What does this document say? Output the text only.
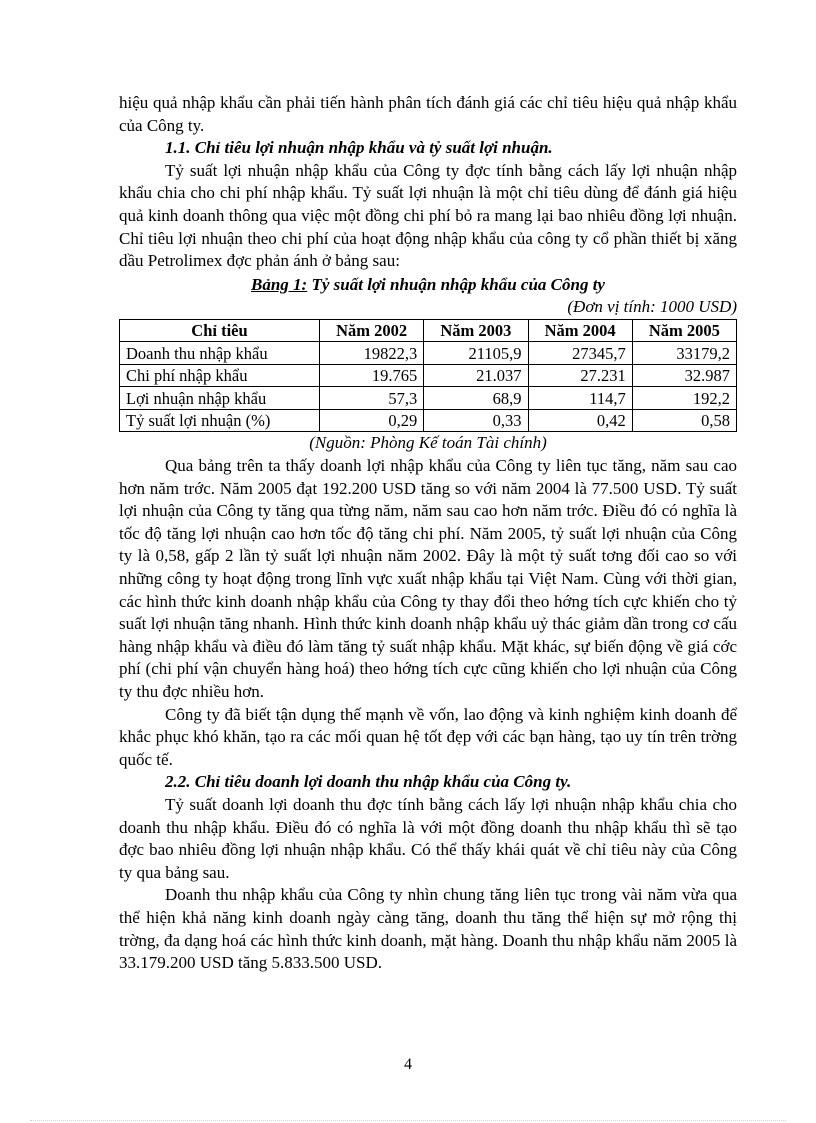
hiệu quả nhập khẩu cần phải tiến hành phân tích đánh giá các chỉ tiêu hiệu quả nhập khẩu của Công ty.

1.1. Chỉ tiêu lợi nhuận nhập khẩu và tỷ suất lợi nhuận.

Tỷ suất lợi nhuận nhập khẩu của Công ty đợc tính bằng cách lấy lợi nhuận nhập khẩu chia cho chi phí nhập khẩu. Tỷ suất lợi nhuận là một chỉ tiêu dùng để đánh giá hiệu quả kinh doanh thông qua việc một đồng chi phí bỏ ra mang lại bao nhiêu đồng lợi nhuận. Chỉ tiêu lợi nhuận theo chi phí của hoạt động nhập khẩu của công ty cổ phần thiết bị xăng dầu Petrolimex đợc phản ánh ở bảng sau:

Bảng 1: Tỷ suất lợi nhuận nhập khẩu của Công ty

(Đơn vị tính: 1000 USD)

Chỉ tiêu	Năm 2002	Năm 2003	Năm 2004	Năm 2005
Doanh thu nhập khẩu	19822,3	21105,9	27345,7	33179,2
Chi phí nhập khẩu	19.765	21.037	27.231	32.987
Lợi nhuận nhập khẩu	57,3	68,9	114,7	192,2
Tỷ suất lợi nhuận (%)	0,29	0,33	0,42	0,58

(Nguồn: Phòng Kế toán Tài chính)

Qua bảng trên ta thấy doanh lợi nhập khẩu của Công ty liên tục tăng, năm sau cao hơn năm trớc. Năm 2005 đạt 192.200 USD tăng so với năm 2004 là 77.500 USD. Tỷ suất lợi nhuận của Công ty tăng qua từng năm, năm sau cao hơn năm trớc. Điều đó có nghĩa là tốc độ tăng lợi nhuận cao hơn tốc độ tăng chi phí. Năm 2005, tỷ suất lợi nhuận của Công ty là 0,58, gấp 2 lần tỷ suất lợi nhuận năm 2002. Đây là một tỷ suất tơng đối cao so với những công ty hoạt động trong lĩnh vực xuất nhập khẩu tại Việt Nam. Cùng với thời gian, các hình thức kinh doanh nhập khẩu của Công ty thay đổi theo hớng tích cực khiến cho tỷ suất lợi nhuận tăng nhanh. Hình thức kinh doanh nhập khẩu uỷ thác giảm dần trong cơ cấu hàng nhập khẩu và điều đó làm tăng tỷ suất nhập khẩu. Mặt khác, sự biến động về giá cớc phí (chi phí vận chuyển hàng hoá) theo hớng tích cực cũng khiến cho lợi nhuận của Công ty thu đợc nhiều hơn.

Công ty đã biết tận dụng thế mạnh về vốn, lao động và kinh nghiệm kinh doanh để khắc phục khó khăn, tạo ra các mối quan hệ tốt đẹp với các bạn hàng, tạo uy tín trên trờng quốc tế.

2.2. Chỉ tiêu doanh lợi doanh thu nhập khẩu của Công ty.

Tỷ suất doanh lợi doanh thu đợc tính bằng cách lấy lợi nhuận nhập khẩu chia cho doanh thu nhập khẩu. Điều đó có nghĩa là với một đồng doanh thu nhập khẩu thì sẽ tạo đợc bao nhiêu đồng lợi nhuận nhập khẩu. Có thể thấy khái quát về chỉ tiêu này của Công ty qua bảng sau.

Doanh thu nhập khẩu của Công ty nhìn chung tăng liên tục trong vài năm vừa qua thể hiện khả năng kinh doanh ngày càng tăng, doanh thu tăng thể hiện sự mở rộng thị trờng, đa dạng hoá các hình thức kinh doanh, mặt hàng. Doanh thu nhập khẩu năm 2005 là 33.179.200 USD tăng 5.833.500 USD.

4
